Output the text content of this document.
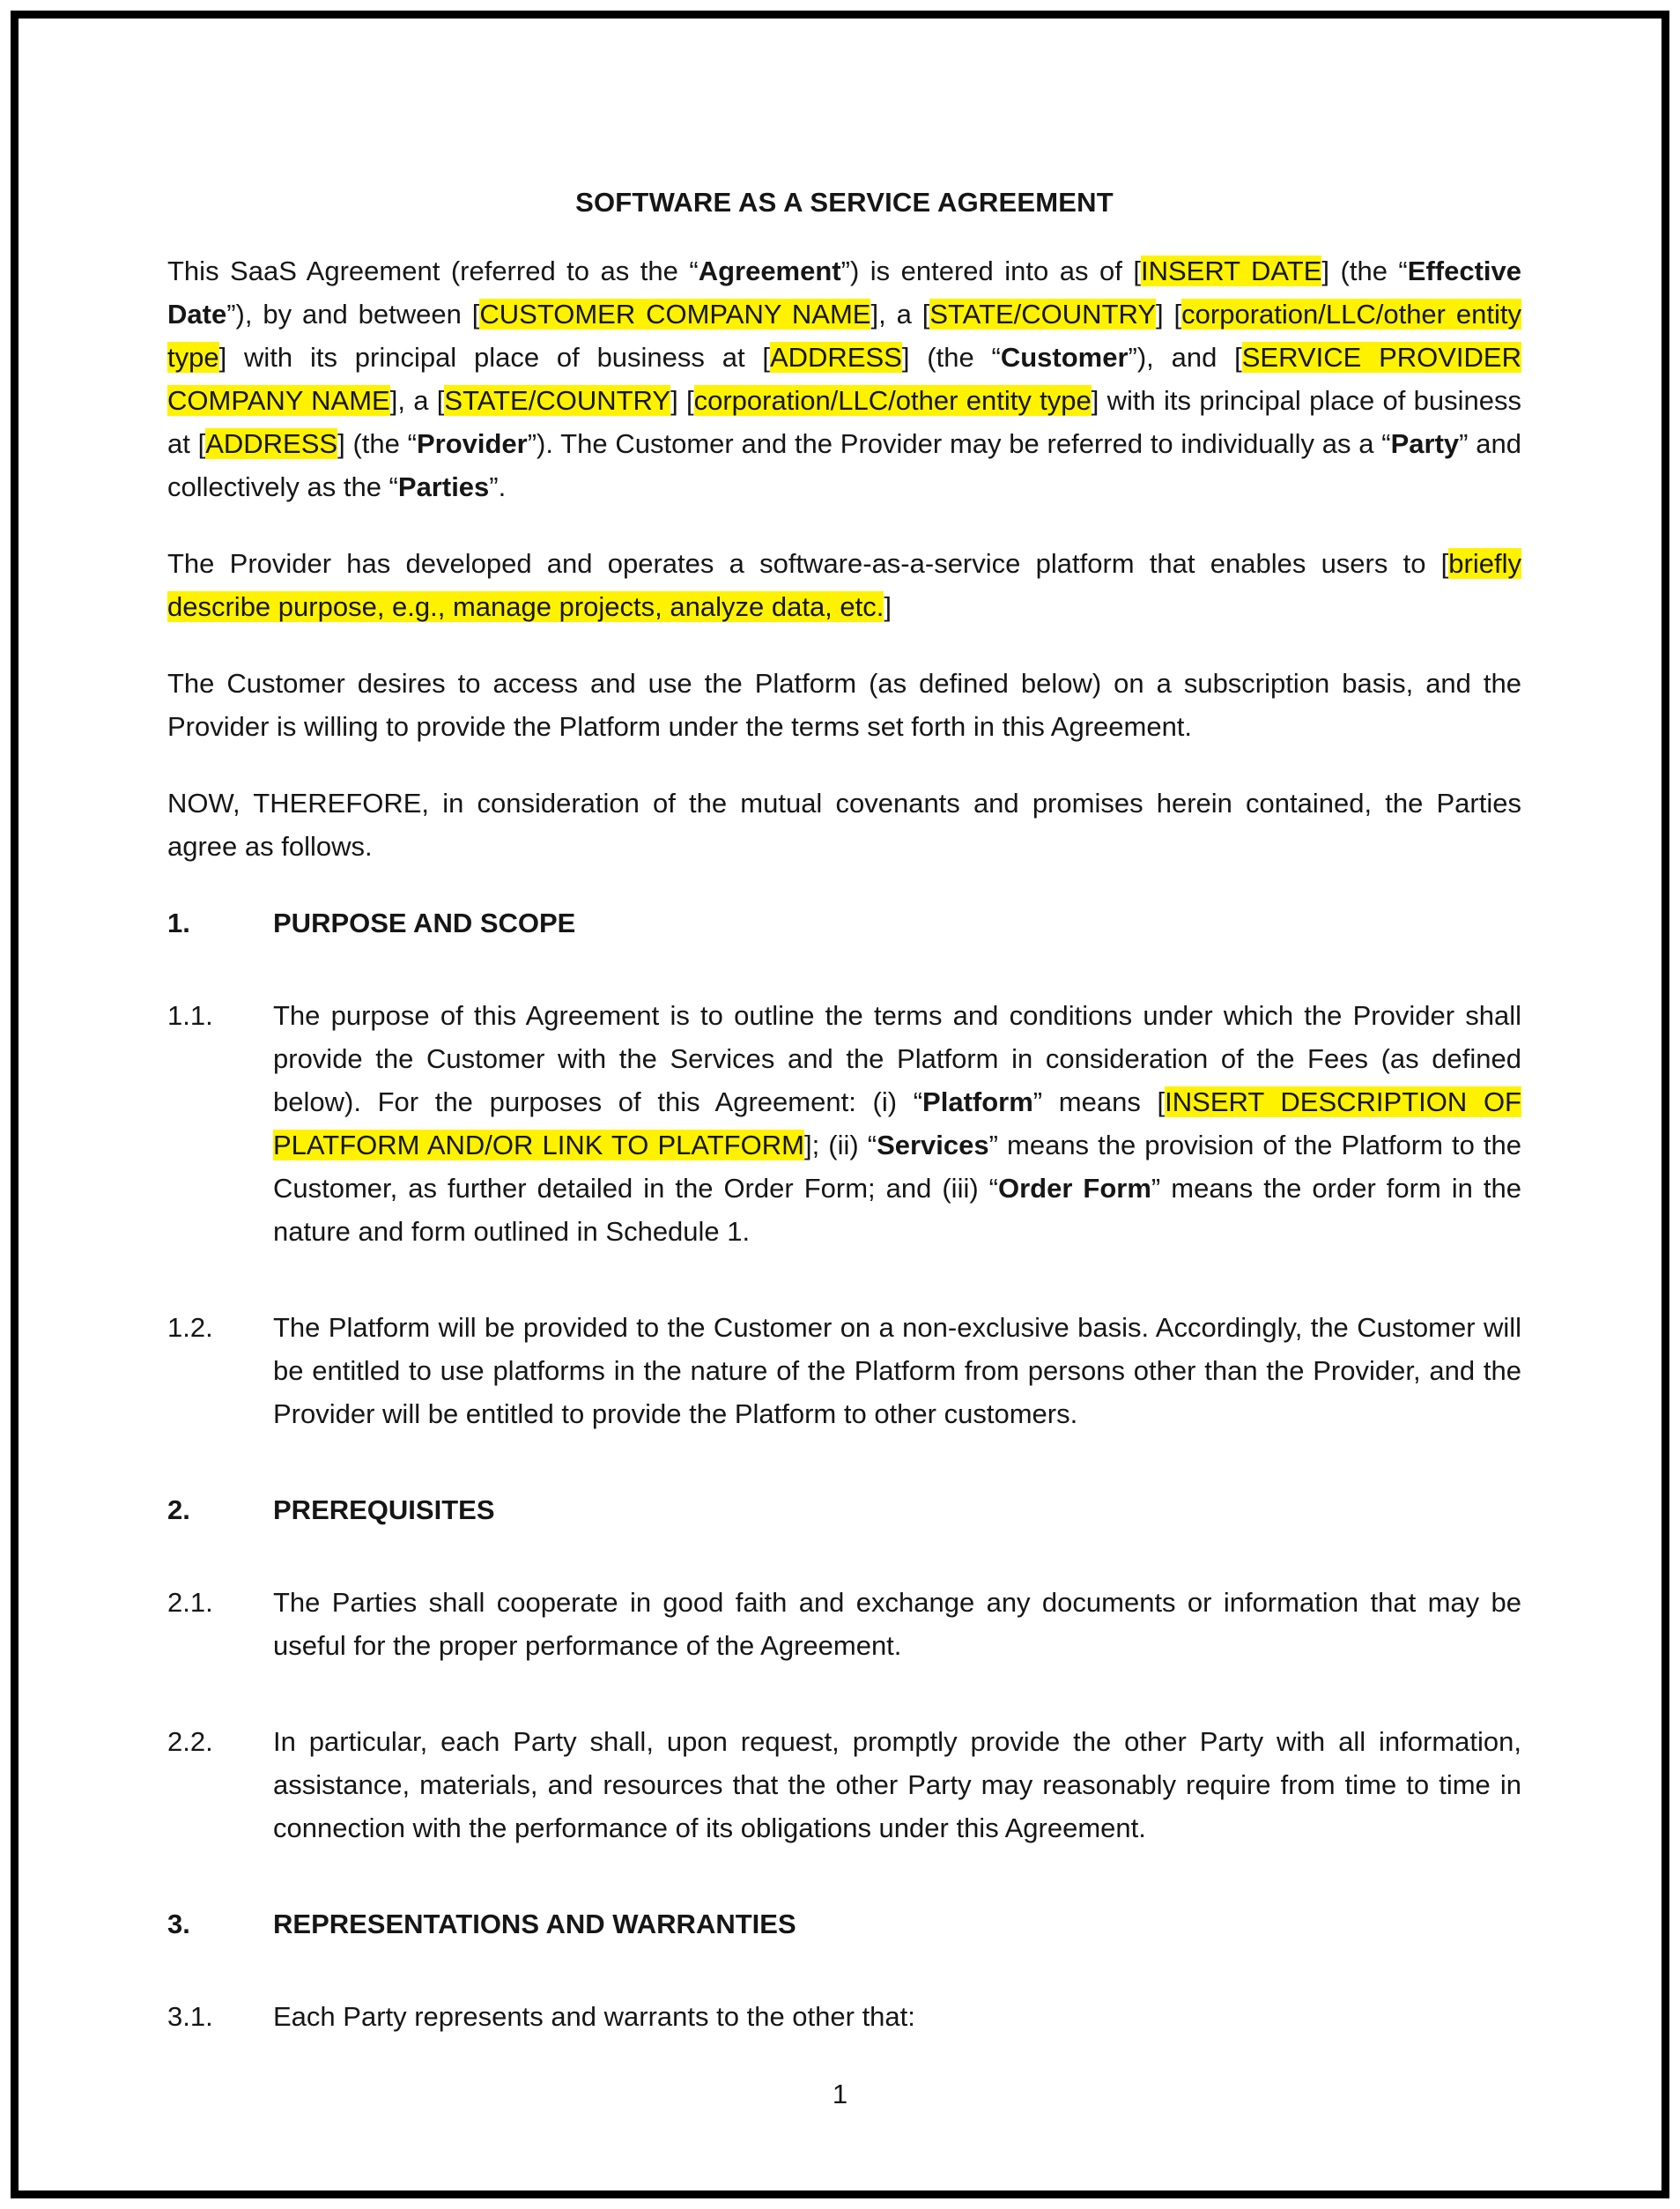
SOFTWARE AS A SERVICE AGREEMENT

This SaaS Agreement (referred to as the “Agreement”) is entered into as of [INSERT DATE] (the “Effective Date”), by and between [CUSTOMER COMPANY NAME], a [STATE/COUNTRY] [corporation/LLC/other entity type] with its principal place of business at [ADDRESS] (the “Customer”), and [SERVICE PROVIDER COMPANY NAME], a [STATE/COUNTRY] [corporation/LLC/other entity type] with its principal place of business at [ADDRESS] (the “Provider”). The Customer and the Provider may be referred to individually as a “Party” and collectively as the “Parties”.

The Provider has developed and operates a software-as-a-service platform that enables users to [briefly describe purpose, e.g., manage projects, analyze data, etc.]

The Customer desires to access and use the Platform (as defined below) on a subscription basis, and the Provider is willing to provide the Platform under the terms set forth in this Agreement.

NOW, THEREFORE, in consideration of the mutual covenants and promises herein contained, the Parties agree as follows.

1.	PURPOSE AND SCOPE
1.1.	The purpose of this Agreement is to outline the terms and conditions under which the Provider shall provide the Customer with the Services and the Platform in consideration of the Fees (as defined below). For the purposes of this Agreement: (i) “Platform” means [INSERT DESCRIPTION OF PLATFORM AND/OR LINK TO PLATFORM]; (ii) “Services” means the provision of the Platform to the Customer, as further detailed in the Order Form; and (iii) “Order Form” means the order form in the nature and form outlined in Schedule 1.
1.2.	The Platform will be provided to the Customer on a non-exclusive basis. Accordingly, the Customer will be entitled to use platforms in the nature of the Platform from persons other than the Provider, and the Provider will be entitled to provide the Platform to other customers.
2.	PREREQUISITES
2.1.	The Parties shall cooperate in good faith and exchange any documents or information that may be useful for the proper performance of the Agreement.
2.2.	In particular, each Party shall, upon request, promptly provide the other Party with all information, assistance, materials, and resources that the other Party may reasonably require from time to time in connection with the performance of its obligations under this Agreement.
3.	REPRESENTATIONS AND WARRANTIES
3.1.	Each Party represents and warrants to the other that:
1
